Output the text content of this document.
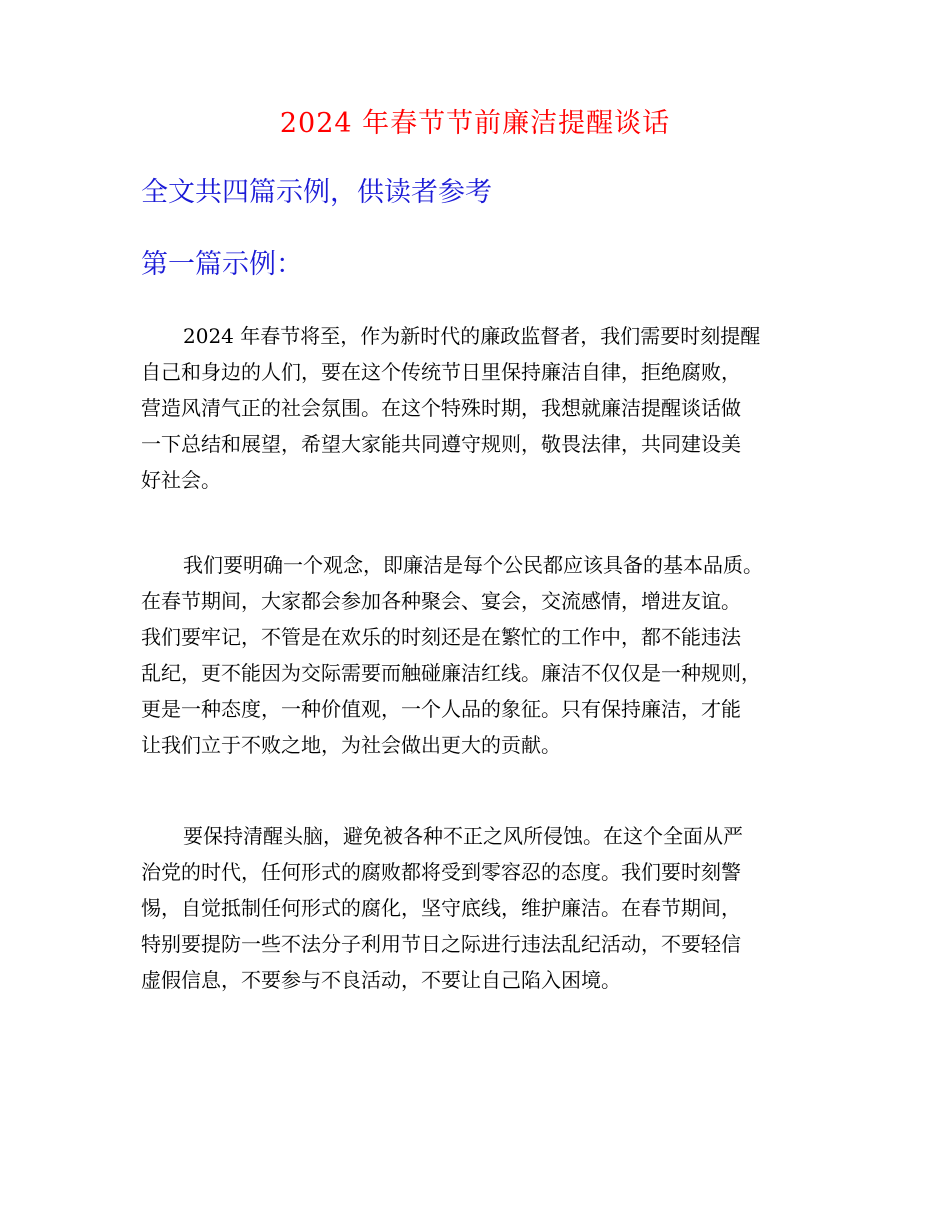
2024 年春节节前廉洁提醒谈话
全文共四篇示例，供读者参考
第一篇示例：
2024 年春节将至，作为新时代的廉政监督者，我们需要时刻提醒
自己和身边的人们，要在这个传统节日里保持廉洁自律，拒绝腐败，
营造风清气正的社会氛围。在这个特殊时期，我想就廉洁提醒谈话做
一下总结和展望，希望大家能共同遵守规则，敬畏法律，共同建设美
好社会。
我们要明确一个观念，即廉洁是每个公民都应该具备的基本品质。
在春节期间，大家都会参加各种聚会、宴会，交流感情，增进友谊。
我们要牢记，不管是在欢乐的时刻还是在繁忙的工作中，都不能违法
乱纪，更不能因为交际需要而触碰廉洁红线。廉洁不仅仅是一种规则，
更是一种态度，一种价值观，一个人品的象征。只有保持廉洁，才能
让我们立于不败之地，为社会做出更大的贡献。
要保持清醒头脑，避免被各种不正之风所侵蚀。在这个全面从严
治党的时代，任何形式的腐败都将受到零容忍的态度。我们要时刻警
惕，自觉抵制任何形式的腐化，坚守底线，维护廉洁。在春节期间，
特别要提防一些不法分子利用节日之际进行违法乱纪活动，不要轻信
虚假信息，不要参与不良活动，不要让自己陷入困境。
